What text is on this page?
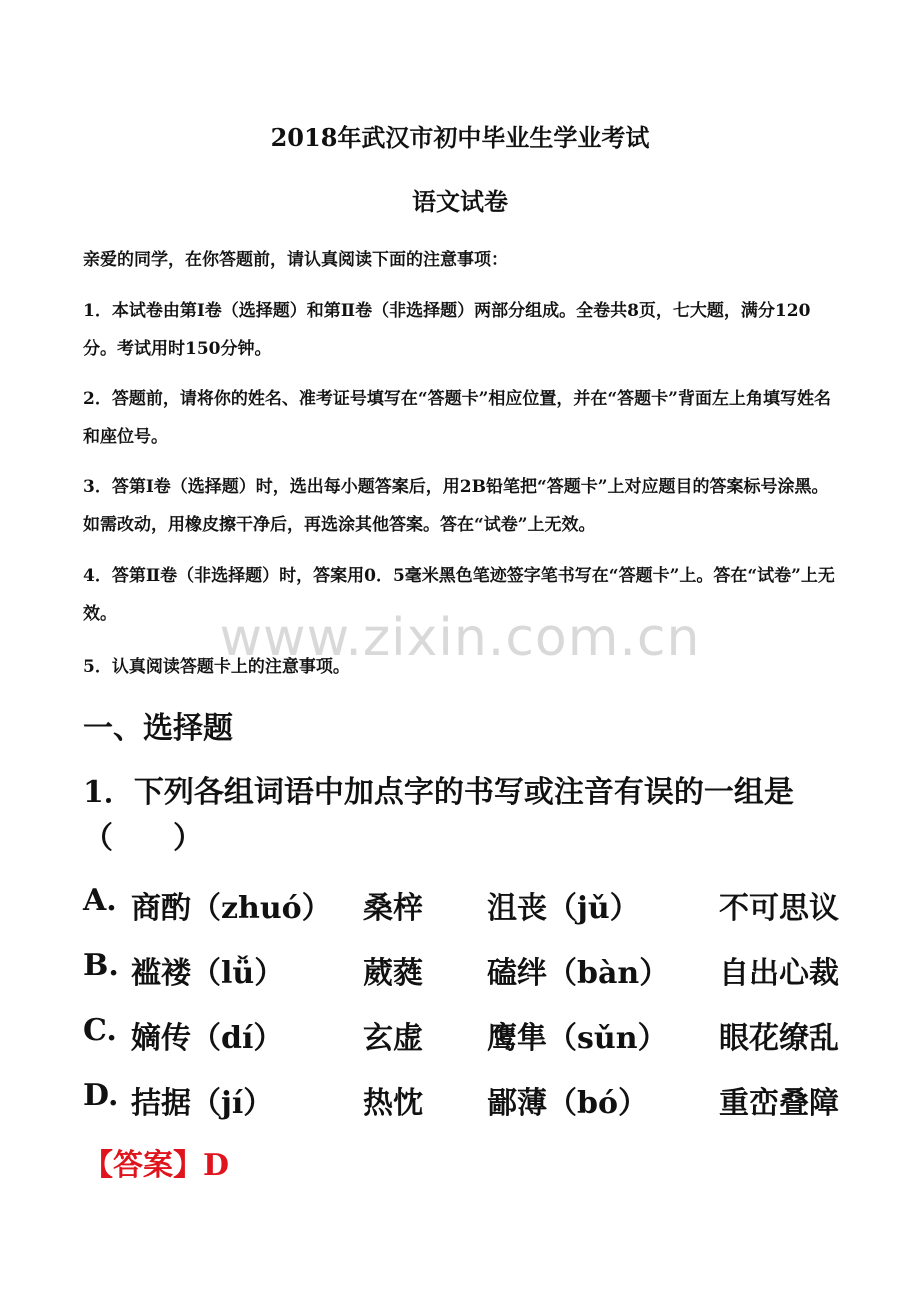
2018年武汉市初中毕业生学业考试
语文试卷
亲爱的同学，在你答题前，请认真阅读下面的注意事项：
1．本试卷由第Ⅰ卷（选择题）和第Ⅱ卷（非选择题）两部分组成。全卷共8页，七大题，满分120分。考试用时150分钟。
2．答题前，请将你的姓名、准考证号填写在“答题卡”相应位置，并在“答题卡”背面左上角填写姓名和座位号。
3．答第Ⅰ卷（选择题）时，选出每小题答案后，用2B铅笔把“答题卡”上对应题目的答案标号涂黑。如需改动，用橡皮擦干净后，再选涂其他答案。答在“试卷”上无效。
4．答第Ⅱ卷（非选择题）时，答案用0．5毫米黑色笔迹签字笔书写在“答题卡”上。答在“试卷”上无效。
5．认真阅读答题卡上的注意事项。
www.zixin.com.cn
一、选择题
1．下列各组词语中加点字的书写或注音有误的一组是（　　）
A. 商酌（zhuó） 桑梓 沮丧（jǔ）	不可思议
B. 褴褛（lǚ）	葳蕤 磕绊（bàn） 自出心裁
C. 嫡传（dí）	玄虚 鹰隼（sǔn） 眼花缭乱
D. 拮据（jí）	热忱 鄙薄（bó） 重峦叠障
【答案】D
